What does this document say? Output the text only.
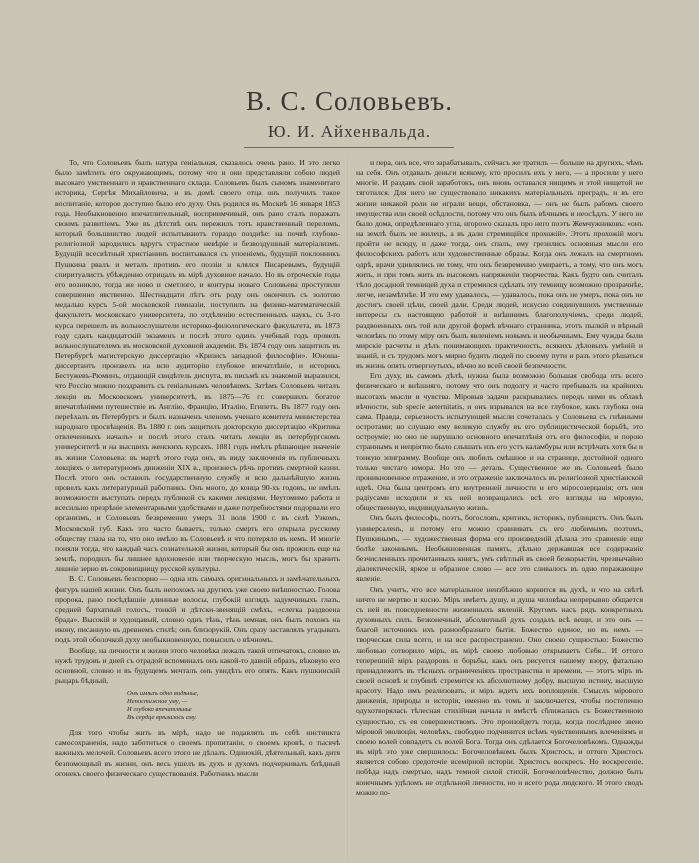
В. С. Соловьевъ.
Ю. И. Айхенвальда.

То, что Соловьевъ былъ натура геніальная, сказалось очень рано. И это легко было замѣтить его окружающимъ, потому что и они представляли собою людей высокаго умственнаго и нравственнаго склада. Соловьевъ былъ сыномъ знаменитаго историка, Сергѣя Михайловича, и въ домѣ своего отца онъ получилъ такое воспитаніе, которое доступно было его духу. Онъ родился въ Москвѣ 16 января 1853 года. Необыкновенно впечатлительный, восприимчивый, онъ рано сталъ поражать своимъ развитіемъ. Уже въ дѣтствѣ онъ пережилъ тотъ нравственный переломъ, который большинство людей испытываютъ гораздо позднѣе: на почвѣ глубоко-религіозной зародились вдругъ страстное невѣріе и безвоздушный матеріализмъ. Будущій всесвѣтный христіанинъ воспитывался съ упоеніемъ, будущій поклонникъ Пушкина рвалъ и металъ противъ его поэзіи и клялся Писаревымъ, будущій спиритуалистъ убѣжденно отрицалъ въ мірѣ духовное начало. Но въ отроческіе годы его возникло, тогда же ново и сметлого, и контуры новаго Соловьева проступили совершенно явственно. Шестнадцати лѣтъ отъ роду онъ окончилъ съ золотою медалью курсъ 5-ой московской гимназіи, поступилъ на физико-математическій факультетъ московскаго университета, по отдѣленію естественныхъ наукъ, съ 3-го курса перешелъ въ вольнослушатели историко-филологическаго факультета, въ 1873 году сдалъ кандидатскій экзаменъ и послѣ этого одинъ учебный годъ провелъ вольнослушателемъ въ московской духовной академіи. Въ 1874 году онъ защитилъ въ Петербургѣ магистерскую диссертацію «Кризисъ западной философіи». Юноша-диссертантъ произвелъ на всю аудиторію глубокое впечатлѣніе, и историкъ Бестужевъ-Рюминъ, отдающій свидѣтель диспута, въ письмѣ къ знакомой выразился, что Россію можно поздравить съ геніальнымъ человѣкомъ. Затѣмъ Соловьевъ читалъ лекціи въ Московскомъ университетѣ, въ 1875—76 гг. совершилъ богатое впечатлѣніями путешествіе въ Англію, Францію, Италію, Египетъ. Въ 1877 году онъ переѣхалъ въ Петербургъ и былъ назначенъ членомъ ученаго комитета министерства народнаго просвѣщенія. Въ 1880 г. онъ защитилъ докторскую диссертацію «Критика отвлеченныхъ началъ» и послѣ этого сталъ читать лекціи въ петербургскомъ университетѣ и на высшихъ женскихъ курсахъ. 1881 годъ имѣлъ рѣшающее значеніе въ жизни Соловьева: въ мартѣ этого года онъ, въ виду заключенія въ публичныхъ лекціяхъ о литературномъ движеніи XIX в., произнесъ рѣчь противъ смертной казни. Послѣ этого онъ оставилъ государственную службу и всю дальнѣйшую жизнь провелъ какъ литературный работникъ. Онъ много, до конца 90-хъ годовъ, не имѣлъ возможности выступать передъ публикой съ какими лекціями. Неутомимо работа и всесильно презрѣніе элементарными удобствами и даже потребностями подорвали его организмъ, и Соловьевъ безвременно умеръ 31 іюля 1900 г. въ селѣ Узкомъ, Московской губ. Какъ это часто бываетъ, только смерть его открыла русскому обществу глаза на то, что оно имѣло въ Соловьевѣ и что потеряло въ немъ. И многіе поняли тогда, что каждый часъ сознательной жизни, который бы онъ прожилъ еще на землѣ, породилъ бы лишнее вдохновеніе или творческую мысль, могъ бы хранить лишніе зерно въ сокровищницу русской культуры.

В. С. Соловьевъ безспорно — одна изъ самыхъ оригинальныхъ и замѣчательныхъ фигуръ нашей жизни. Онъ былъ непохожъ на другихъ уже своею внѣшностью. Голова пророка, рано посѣдѣвшіе длинные волосы, глубокій взглядъ задумчивыхъ глазъ, средней бархатный голосъ, тонкій и дѣтски-звенящій смѣхъ, «слегка раздвоена брада». Высокій и худощавый, словно однъ тѣнь, тѣнь земная, онъ былъ похожъ на икону, писанную въ древнемъ стилѣ; онъ близорукій. Онъ сразу заставлялъ угадывать подъ этой оболочкой духу необыкновенную, повысилъ о вѣчномъ.

Вообще, на личности и жизни этого человѣка лежалъ такой отпечатокъ, словно въ нужѣ трудовъ и дней съ отрадой вспоминалъ онъ какой-то давній образъ, вѣковую его основной, словно и въ будущемъ мечталъ онъ увидѣть его опять. Какъ пушкинскій рыцарь бѣдный,

Онъ имѣлъ одно видѣнье,
Непостижное уму, —
И глубоко впечатлѣнье
Въ сердце врѣзалось ему.

Для того чтобы жить въ мірѣ, надо не подавлять въ себѣ инстинкта самосохраненія, надо заботиться о своемъ пропитаніи, о своемъ кровѣ, о тысячѣ важныхъ мелочей. Соловьевъ всего этого не дѣлалъ. Одинокій, дѣятельный, какъ дитя безпомощный въ жизни, онъ весь ушелъ въ духъ и духомъ подчеркивалъ блѣдный огонекъ своего физическаго существованія. Работникъ мысли

и пера, онъ все, что зарабатывалъ, сейчасъ же тратилъ — больше на другихъ, чѣмъ на себя. Онъ отдавалъ деньги всякому, кто просилъ ихъ у него, — а просили у него многіе. И раздавъ свой заработокъ, онъ вновь оставался нищимъ и этой нищетой не тяготился. Для него не существовало никакихъ матеріальныхъ преградъ, и въ его жизни никакой роли не играли вещи, обстановка, — онъ не былъ рабомъ своего имущества или своей осѣдлости, потому что онъ былъ вѣчнымъ и неосѣдлъ. У него не было дома, опредѣленнаго угла, иropowo сказалъ про него поэтъ Жемчужниковъ: «онъ на землѣ былъ не жилецъ, а въ дали стремящійся прохожій». Этотъ прохожій могъ пройти не всюду, и даже тогда, онъ спалъ, ему грезились основныя мысли его философскихъ работъ или художественные образы. Когда онъ лежалъ на смертномъ одрѣ, врачи удивлялись не тому, что онъ безвременно умираетъ, а тому, что онъ могъ жить, и при томъ жить въ высокомъ напряженіи творчества. Какъ будто онъ считалъ тѣло досадной темницей духа и стремился сдѣлать эту темницу возможно прозрачнѣе, легче, незамѣтнѣе. И это ему удавалось, — удавалось, пока онъ не умеръ, пока онъ не достигъ своей цѣли, своей дали. Среди людей, искусно совдинувшихъ умственные интересы съ настоящею работой и внѣшнимъ благополучіемъ, среди людей, раздвоенныхъ онъ той или другой формѣ вѣчнаго странника, этотъ пылкій и вѣрный человѣкъ по этому міру онъ былъ явленіемъ новымъ и необычнымъ. Ему чужды были мирскіе расчеты и дѣлъ понимающихъ практичность, всякихъ дѣловыхъ умѣній и знаній, и съ трудомъ могъ мирно будить людей по своему пути и разъ этого рѣшаться въ жизнь опять отвергнутыхъ, вѣчно во всей своей безпечности.

Его духу, въ самомъ дѣлѣ, нужна была возможно большая свобода отъ всего физическаго и внѣшняго, потому что онъ подолгу и часто пребывалъ на крайнихъ высотахъ мысли и чувства. Міровыя задачи раскрывались передъ ними въ облакѣ вѣчности, sub specie aeternitatis, и онъ взрывался на все глубокое, какъ глубока она сама. Правда, серьезность испытующей мысли сочеталась у Соловьева съ гнѣвными остротами; но слушаю ему великую службу въ его публицистической борьбѣ, это остроуміе; но оно не нарушало основного впечатлѣнія отъ его философіи, и порою страннымъ и непріятно было слышать изъ его устъ каламбуры или встрѣчать хотя бы и тонкую эпиграмму. Вообще онъ любилъ смѣшное и на странице, достойной одного только чистаго юмора. Но это — деталь. Существенное же въ Соловьевѣ было проникновенное отражение, и это отраженіе заключалось въ религіозной христіанской идеѣ. Она была центромъ его внутренней личности и его міросозерцанія; отъ нея радіусами исходили и къ ней возвращались всѣ его взгляды на міровую, общественную, индивидуальную жизнь.

Онъ былъ философъ, поэтъ, богословъ, критикъ, историкъ, публицистъ. Онъ былъ универсаленъ, и потому его можно сравнивать съ его любимымъ поэтомъ, Пушкинымъ, — художественная форма его произведеній дѣлала это сравненіе еще болѣе законнымъ. Необыкновенная память, дѣльно державшая все содержаніе безчисленныхъ прочитанныхъ книгъ, умъ свѣтлый въ своей безкорыстіи, чрезвычайно діалектическій, яркое и образное слово — все это сливалось въ одно поражающее явленіе.

Онъ учитъ, что все матеріальное неизбѣжно корнится въ духѣ, и что на свѣтѣ ничто не мертво и косно. Міръ имѣетъ душу, и душа человѣка непрерывно общается съ ней въ повседневности жизненныхъ явленій. Кругомъ насъ рядъ конкретныхъ духовныхъ силъ. Безконечный, абсолютный духъ создалъ всѣ вещи, и это онъ — благой источникъ ихъ разнообразнаго бытія. Божество единое, но въ немъ — творческая сила всего, и на все распространено. Оно своею сущностью: Божество любовью сотворило міръ, въ мірѣ своею любовью открываетъ Себя... И оттого теперешній міръ раздоровъ и борьбы, какъ онъ рисуется нашему взору, фатально принадлежитъ въ тѣсныхъ ограниченіяхъ пространства и времени, — этотъ міръ въ своей основѣ и глубинѣ стремится къ абсолютному добру, высшую истину, высшую красоту. Надо имъ реализовать, и міръ ждетъ ихъ воплощенія. Смыслъ мірового движенія, природы и исторіи, именно въ томъ и заключается, чтобы постепенно одухотворялась тѣлесная стихійная начала и вмѣстѣ сближалась съ Божественною сущностью, съ ея совершенствомъ. Это произойдетъ тогда, когда послѣднее звено міровой эволюціи, человѣкъ, свободно подчинится всѣмъ чувственнымъ влеченіямъ и своею волей совпадетъ съ волей Бога. Тогда онъ сдѣлается Богочеловѣкомъ. Однажды въ мірѣ это уже свершилось: Богочеловѣкомъ былъ Христосъ, и оттого Христосъ является собою средоточіе всемірной исторіи. Христосъ воскресъ. Но воскресеніе, побѣда надъ смертью, надъ темной силой стихій, Богочеловѣчество, должно быть конечнымъ удѣломъ не отдѣльной личности, но и всего рода людского. И этого сводъ можно по-
